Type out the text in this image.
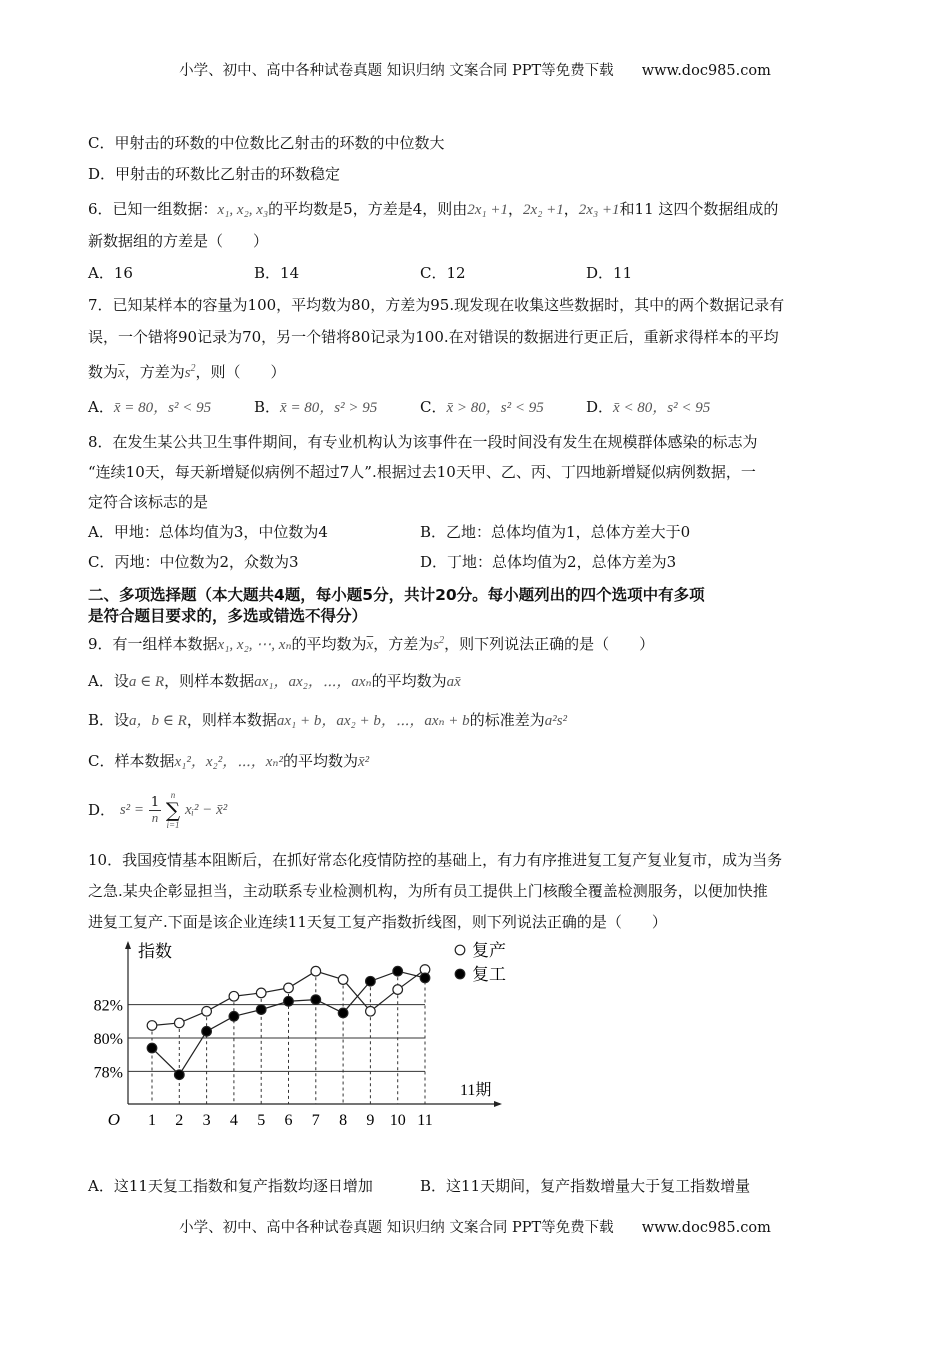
小学、初中、高中各种试卷真题 知识归纳 文案合同 PPT等免费下载 www.doc985.com
C．甲射击的环数的中位数比乙射击的环数的中位数大
D．甲射击的环数比乙射击的环数稳定
6．已知一组数据：x₁, x₂, x₃的平均数是5，方差是4，则由2x₁ +1，2x₂ +1，2x₃ +1和11 这四个数据组成的
新数据组的方差是（　　）
A．16	B．14	C．12	D．11
7．已知某样本的容量为100，平均数为80，方差为95.现发现在收集这些数据时，其中的两个数据记录有
误，一个错将90记录为70，另一个错将80记录为100.在对错误的数据进行更正后，重新求得样本的平均
数为$\overline{x}$，方差为$s^2$，则（　　）
A．x̄ = 80，s² < 95	B．x̄ = 80，s² > 95	C．x̄ > 80，s² < 95	D．x̄ < 80，s² < 95
8．在发生某公共卫生事件期间，有专业机构认为该事件在一段时间没有发生在规模群体感染的标志为
“连续10天，每天新增疑似病例不超过7人”.根据过去10天甲、乙、丙、丁四地新增疑似病例数据，一
定符合该标志的是
A．甲地：总体均值为3，中位数为4	B．乙地：总体均值为1，总体方差大于0
C．丙地：中位数为2，众数为3	D．丁地：总体均值为2，总体方差为3
二、多项选择题（本大题共4题，每小题5分，共计20分。每小题列出的四个选项中有多项
是符合题目要求的，多选或错选不得分）
9．有一组样本数据x₁, x₂, ⋯, xₙ的平均数为$\overline{x}$，方差为$s^2$，则下列说法正确的是（　　）
A．设a ∈ R，则样本数据ax₁，ax₂，⋯，axₙ的平均数为ax̄
B．设a，b ∈ R，则样本数据ax₁ + b，ax₂ + b，⋯，axₙ + b的标准差为a²s²
C．样本数据x₁²，x₂²，⋯，xₙ²的平均数为x̄²
D． $s^2 = \frac{1}{n}$

n
∑
i=1
xᵢ² − x̄²
10．我国疫情基本阻断后，在抓好常态化疫情防控的基础上，有力有序推进复工复产复业复市，成为当务
之急.某央企彰显担当，主动联系专业检测机构，为所有员工提供上门核酸全覆盖检测服务，以便加快推
进复工复产.下面是该企业连续11天复工复产指数折线图，则下列说法正确的是（　　）
82%
80%
78%
1 2 3 4 5 6 7 8 9 10 11
O
指数
11期
复产
复工
A．这11天复工指数和复产指数均逐日增加	B．这11天期间，复产指数增量大于复工指数增量
小学、初中、高中各种试卷真题 知识归纳 文案合同 PPT等免费下载 www.doc985.com
